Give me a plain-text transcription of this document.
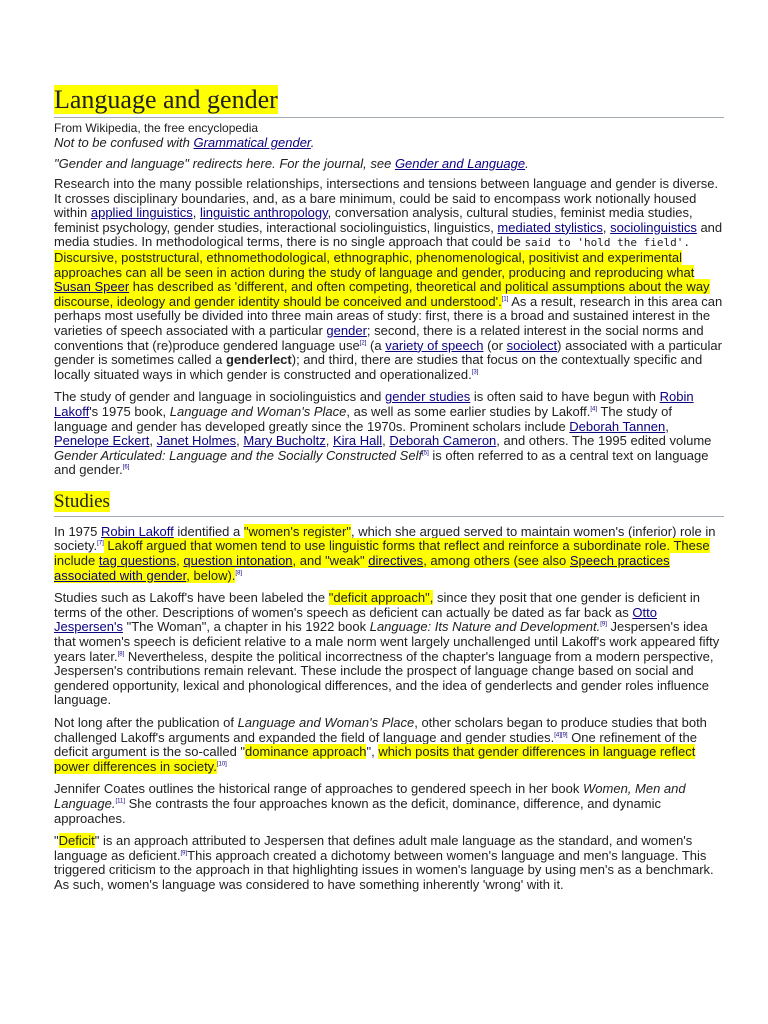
Language and gender
From Wikipedia, the free encyclopedia
Not to be confused with Grammatical gender.
"Gender and language" redirects here. For the journal, see Gender and Language.

Research into the many possible relationships, intersections and tensions between language and gender is diverse. It crosses disciplinary boundaries, and, as a bare minimum, could be said to encompass work notionally housed within applied linguistics, linguistic anthropology, conversation analysis, cultural studies, feminist media studies, feminist psychology, gender studies, interactional sociolinguistics, linguistics, mediated stylistics, sociolinguistics and media studies. In methodological terms, there is no single approach that could be said to 'hold the field'. Discursive, poststructural, ethnomethodological, ethnographic, phenomenological, positivist and experimental approaches can all be seen in action during the study of language and gender, producing and reproducing what Susan Speer has described as 'different, and often competing, theoretical and political assumptions about the way discourse, ideology and gender identity should be conceived and understood'.[1] As a result, research in this area can perhaps most usefully be divided into three main areas of study: first, there is a broad and sustained interest in the varieties of speech associated with a particular gender; second, there is a related interest in the social norms and conventions that (re)produce gendered language use[2] (a variety of speech (or sociolect) associated with a particular gender is sometimes called a genderlect); and third, there are studies that focus on the contextually specific and locally situated ways in which gender is constructed and operationalized.[3]

The study of gender and language in sociolinguistics and gender studies is often said to have begun with Robin Lakoff's 1975 book, Language and Woman's Place, as well as some earlier studies by Lakoff.[4] The study of language and gender has developed greatly since the 1970s. Prominent scholars include Deborah Tannen, Penelope Eckert, Janet Holmes, Mary Bucholtz, Kira Hall, Deborah Cameron, and others. The 1995 edited volume Gender Articulated: Language and the Socially Constructed Self[5] is often referred to as a central text on language and gender.[6]

Studies

In 1975 Robin Lakoff identified a "women's register", which she argued served to maintain women's (inferior) role in society.[7] Lakoff argued that women tend to use linguistic forms that reflect and reinforce a subordinate role. These include tag questions, question intonation, and "weak" directives, among others (see also Speech practices associated with gender, below).[8]

Studies such as Lakoff's have been labeled the "deficit approach", since they posit that one gender is deficient in terms of the other. Descriptions of women's speech as deficient can actually be dated as far back as Otto Jespersen's "The Woman", a chapter in his 1922 book Language: Its Nature and Development.[9] Jespersen's idea that women's speech is deficient relative to a male norm went largely unchallenged until Lakoff's work appeared fifty years later.[8] Nevertheless, despite the political incorrectness of the chapter's language from a modern perspective, Jespersen's contributions remain relevant. These include the prospect of language change based on social and gendered opportunity, lexical and phonological differences, and the idea of genderlects and gender roles influence language.

Not long after the publication of Language and Woman's Place, other scholars began to produce studies that both challenged Lakoff's arguments and expanded the field of language and gender studies.[4][9] One refinement of the deficit argument is the so-called "dominance approach", which posits that gender differences in language reflect power differences in society.[10]

Jennifer Coates outlines the historical range of approaches to gendered speech in her book Women, Men and Language.[11] She contrasts the four approaches known as the deficit, dominance, difference, and dynamic approaches.

"Deficit" is an approach attributed to Jespersen that defines adult male language as the standard, and women's language as deficient.[9]This approach created a dichotomy between women's language and men's language. This triggered criticism to the approach in that highlighting issues in women's language by using men's as a benchmark. As such, women's language was considered to have something inherently 'wrong' with it.
